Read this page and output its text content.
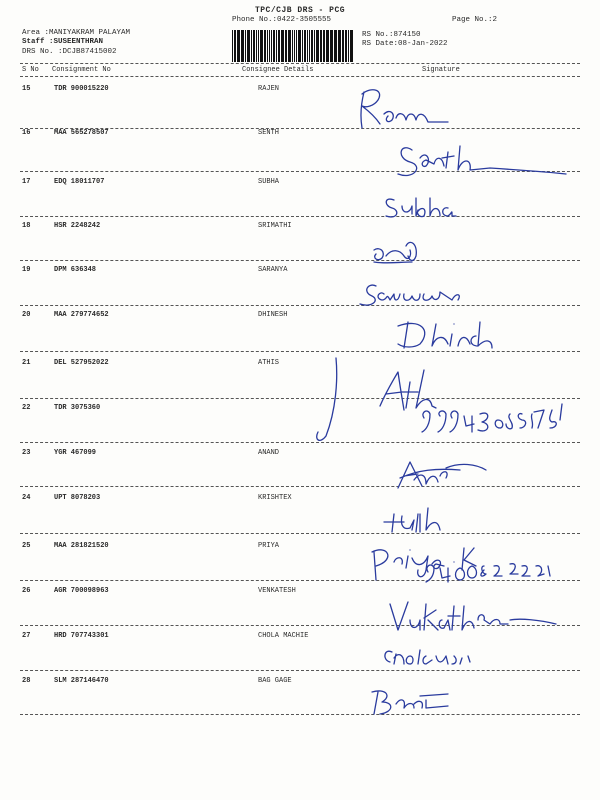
TPC/CJB DRS - PCG
Phone No.:0422-3505555	Page No.:2
Area :MANIYAKRAM PALAYAM
Staff :SUSEENTHRAN
DRS No. :DCJB87415002
RS No.:874150
RS Date:08-Jan-2022
S No Consignment No	Consignee Details	Signature
15	TDR 900015220	RAJEN
16	MAA 565278507	SENTH
17	EDQ 18011707	SUBHA
18	HSR 2248242	SRIMATHI
19	DPM 636348	SARANYA
20	MAA 279774652	DHINESH
21	DEL 527952022	ATHIS
22	TDR 3075360
23	YGR 467099	ANAND
24	UPT 8078203	KRISHTEX
25	MAA 281821520	PRIYA
26	AGR 700098963	VENKATESH
27	HRD 707743301	CHOLA MACHIE
28	SLM 287146470	BAG GAGE
